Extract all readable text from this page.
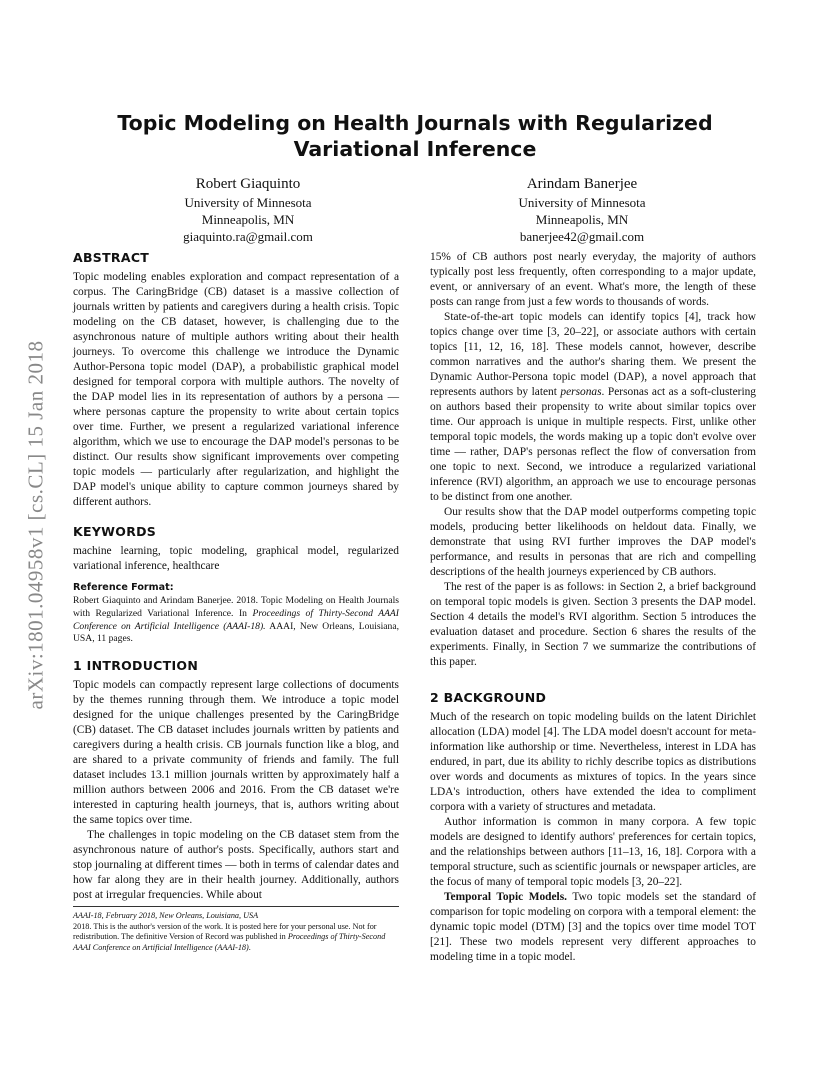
arXiv:1801.04958v1 [cs.CL] 15 Jan 2018
Topic Modeling on Health Journals with Regularized Variational Inference
Robert Giaquinto
University of Minnesota
Minneapolis, MN
giaquinto.ra@gmail.com
Arindam Banerjee
University of Minnesota
Minneapolis, MN
banerjee42@gmail.com
ABSTRACT

Topic modeling enables exploration and compact representation of a corpus. The CaringBridge (CB) dataset is a massive collection of journals written by patients and caregivers during a health crisis. Topic modeling on the CB dataset, however, is challenging due to the asynchronous nature of multiple authors writing about their health journeys. To overcome this challenge we introduce the Dynamic Author-Persona topic model (DAP), a probabilistic graphical model designed for temporal corpora with multiple authors. The novelty of the DAP model lies in its representation of authors by a persona — where personas capture the propensity to write about certain topics over time. Further, we present a regularized variational inference algorithm, which we use to encourage the DAP model's personas to be distinct. Our results show significant improvements over competing topic models — particularly after regularization, and highlight the DAP model's unique ability to capture common journeys shared by different authors.

KEYWORDS

machine learning, topic modeling, graphical model, regularized variational inference, healthcare

Reference Format:

Robert Giaquinto and Arindam Banerjee. 2018. Topic Modeling on Health Journals with Regularized Variational Inference. In Proceedings of Thirty-Second AAAI Conference on Artificial Intelligence (AAAI-18). AAAI, New Orleans, Louisiana, USA, 11 pages.

1 INTRODUCTION

Topic models can compactly represent large collections of documents by the themes running through them. We introduce a topic model designed for the unique challenges presented by the CaringBridge (CB) dataset. The CB dataset includes journals written by patients and caregivers during a health crisis. CB journals function like a blog, and are shared to a private community of friends and family. The full dataset includes 13.1 million journals written by approximately half a million authors between 2006 and 2016. From the CB dataset we're interested in capturing health journeys, that is, authors writing about the same topics over time.

The challenges in topic modeling on the CB dataset stem from the asynchronous nature of author's posts. Specifically, authors start and stop journaling at different times — both in terms of calendar dates and how far along they are in their health journey. Additionally, authors post at irregular frequencies. While about

AAAI-18, February 2018, New Orleans, Louisiana, USA
2018. This is the author's version of the work. It is posted here for your personal use. Not for redistribution. The definitive Version of Record was published in Proceedings of Thirty-Second AAAI Conference on Artificial Intelligence (AAAI-18).

15% of CB authors post nearly everyday, the majority of authors typically post less frequently, often corresponding to a major update, event, or anniversary of an event. What's more, the length of these posts can range from just a few words to thousands of words.

State-of-the-art topic models can identify topics [4], track how topics change over time [3, 20–22], or associate authors with certain topics [11, 12, 16, 18]. These models cannot, however, describe common narratives and the author's sharing them. We present the Dynamic Author-Persona topic model (DAP), a novel approach that represents authors by latent personas. Personas act as a soft-clustering on authors based their propensity to write about similar topics over time. Our approach is unique in multiple respects. First, unlike other temporal topic models, the words making up a topic don't evolve over time — rather, DAP's personas reflect the flow of conversation from one topic to next. Second, we introduce a regularized variational inference (RVI) algorithm, an approach we use to encourage personas to be distinct from one another.

Our results show that the DAP model outperforms competing topic models, producing better likelihoods on heldout data. Finally, we demonstrate that using RVI further improves the DAP model's performance, and results in personas that are rich and compelling descriptions of the health journeys experienced by CB authors.

The rest of the paper is as follows: in Section 2, a brief background on temporal topic models is given. Section 3 presents the DAP model. Section 4 details the model's RVI algorithm. Section 5 introduces the evaluation dataset and procedure. Section 6 shares the results of the experiments. Finally, in Section 7 we summarize the contributions of this paper.

2 BACKGROUND

Much of the research on topic modeling builds on the latent Dirichlet allocation (LDA) model [4]. The LDA model doesn't account for meta-information like authorship or time. Nevertheless, interest in LDA has endured, in part, due its ability to richly describe topics as distributions over words and documents as mixtures of topics. In the years since LDA's introduction, others have extended the idea to compliment corpora with a variety of structures and metadata.

Author information is common in many corpora. A few topic models are designed to identify authors' preferences for certain topics, and the relationships between authors [11–13, 16, 18]. Corpora with a temporal structure, such as scientific journals or newspaper articles, are the focus of many of temporal topic models [3, 20–22].

Temporal Topic Models. Two topic models set the standard of comparison for topic modeling on corpora with a temporal element: the dynamic topic model (DTM) [3] and the topics over time model TOT [21]. These two models represent very different approaches to modeling time in a topic model.
